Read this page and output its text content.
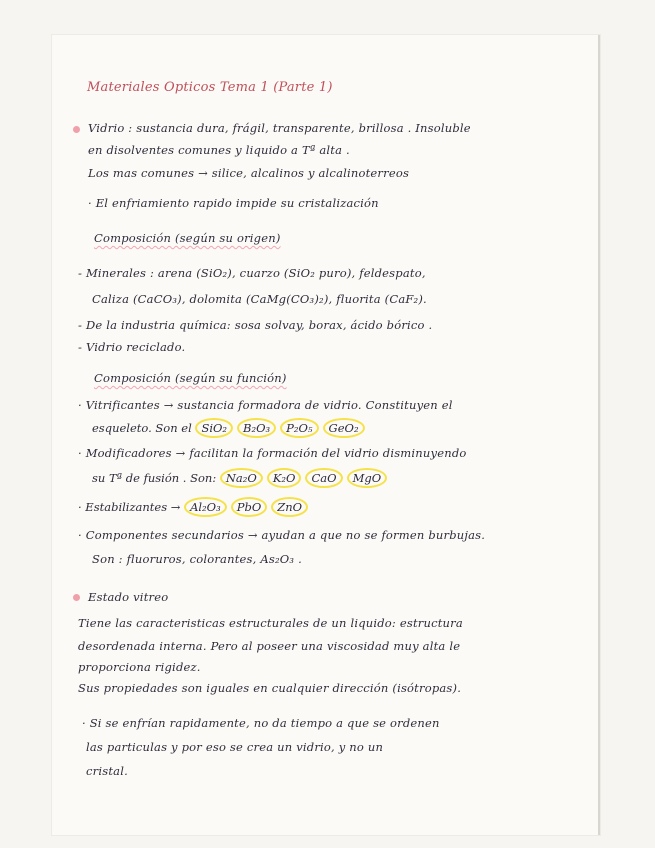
Materiales Opticos Tema 1 (Parte 1)
Vidrio : sustancia dura, frágil, transparente, brillosa . Insoluble
en disolventes comunes y liquido a Tª alta .
Los mas comunes → silice, alcalinos y alcalinoterreos
· El enfriamiento rapido impide su cristalización
Composición (según su origen)
- Minerales : arena (SiO₂), cuarzo (SiO₂ puro), feldespato,
Caliza (CaCO₃), dolomita (CaMg(CO₃)₂), fluorita (CaF₂).
- De la industria química: sosa solvay, borax, ácido bórico .
- Vidrio reciclado.
Composición (según su función)
· Vitrificantes → sustancia formadora de vidrio. Constituyen el
esqueleto. Son el SiO₂ B₂O₃ P₂O₅ GeO₂
· Modificadores → facilitan la formación del vidrio disminuyendo
su Tª de fusión . Son: Na₂O K₂O CaO MgO
· Estabilizantes → Al₂O₃ PbO ZnO
· Componentes secundarios → ayudan a que no se formen burbujas.
Son : fluoruros, colorantes, As₂O₃ .
Estado vitreo
Tiene las caracteristicas estructurales de un liquido: estructura
desordenada interna. Pero al poseer una viscosidad muy alta le
proporciona rigidez.
Sus propiedades son iguales en cualquier dirección (isótropas).
· Si se enfrían rapidamente, no da tiempo a que se ordenen
las particulas y por eso se crea un vidrio, y no un
cristal.
